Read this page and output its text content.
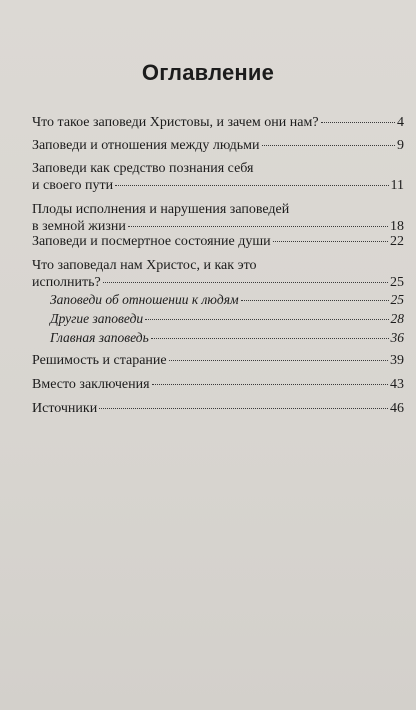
Оглавление
Что такое заповеди Христовы, и зачем они нам?	4
Заповеди и отношения между людьми	9
Заповеди как средство познания себя
и своего пути	11
Плоды исполнения и нарушения заповедей
в земной жизни	18
Заповеди и посмертное состояние души	22
Что заповедал нам Христос, и как это
исполнить?	25
Заповеди об отношении к людям	25
Другие заповеди	28
Главная заповедь	36
Решимость и старание	39
Вместо заключения	43
Источники	46
